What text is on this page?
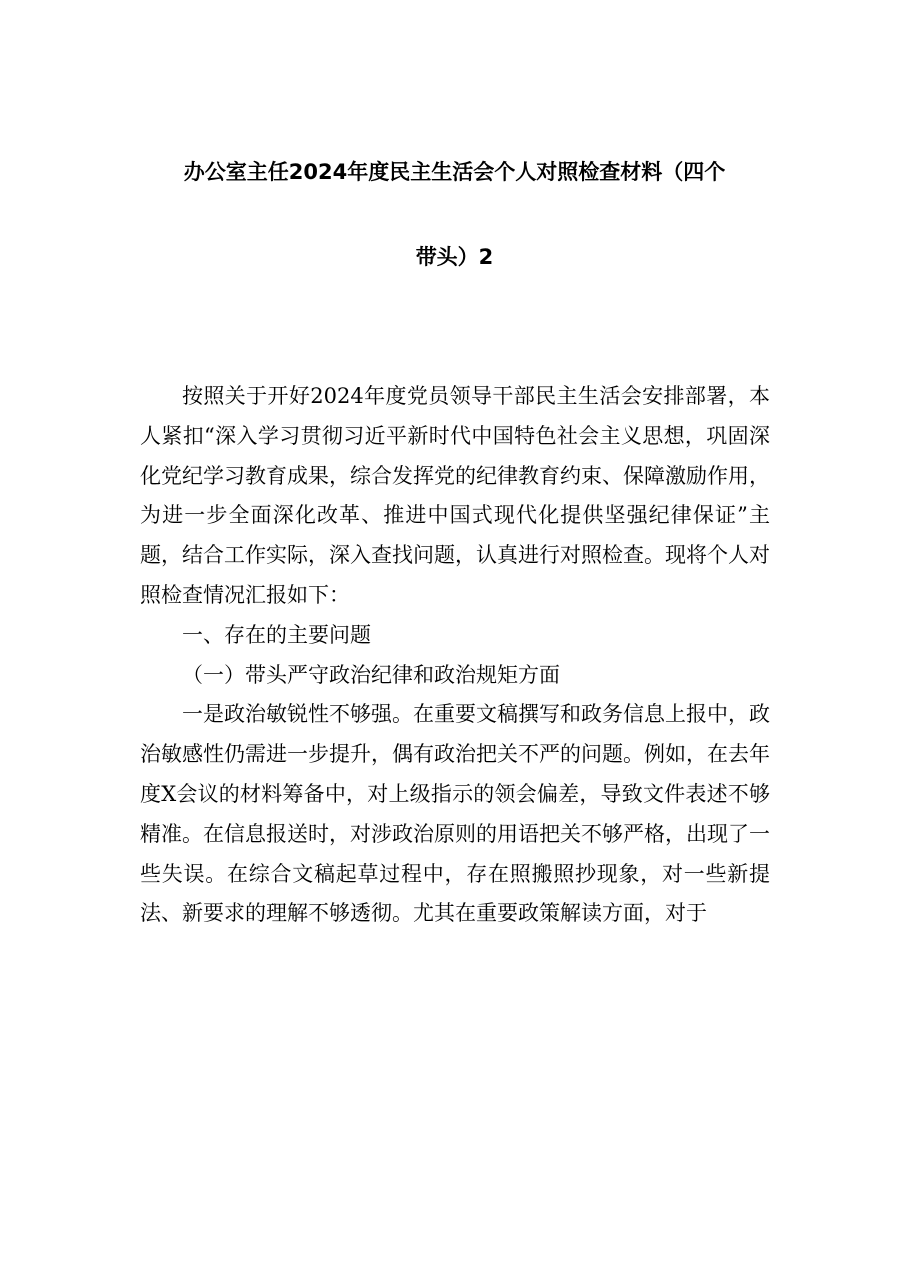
办公室主任2024年度民主生活会个人对照检查材料（四个
带头）2

按照关于开好2024年度党员领导干部民主生活会安排部署，本人紧扣“深入学习贯彻习近平新时代中国特色社会主义思想，巩固深化党纪学习教育成果，综合发挥党的纪律教育约束、保障激励作用，为进一步全面深化改革、推进中国式现代化提供坚强纪律保证”主题，结合工作实际，深入查找问题，认真进行对照检查。现将个人对照检查情况汇报如下：

一、存在的主要问题

（一）带头严守政治纪律和政治规矩方面

一是政治敏锐性不够强。在重要文稿撰写和政务信息上报中，政治敏感性仍需进一步提升，偶有政治把关不严的问题。例如，在去年度X会议的材料筹备中，对上级指示的领会偏差，导致文件表述不够精准。在信息报送时，对涉政治原则的用语把关不够严格，出现了一些失误。在综合文稿起草过程中，存在照搬照抄现象，对一些新提法、新要求的理解不够透彻。尤其在重要政策解读方面，对于
